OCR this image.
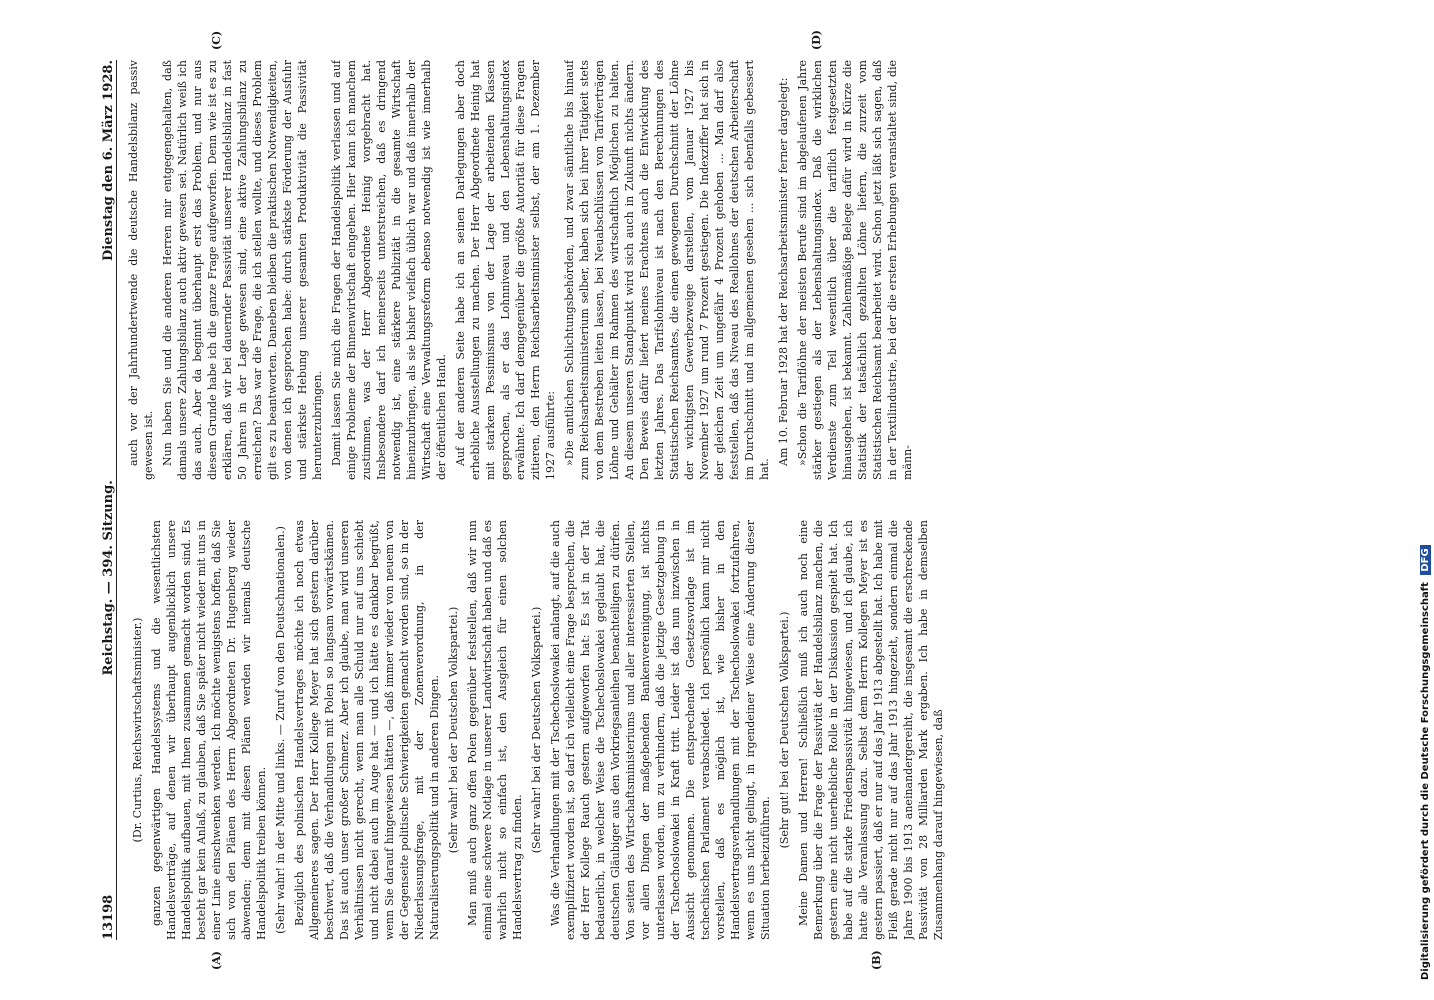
13198
Reichstag. — 394. Sitzung.
Dienstag den 6. März 1928.
(A)	(B)
(C)	(D)

(Dr. Curtius, Reichswirtschaftsminister.) ganzen gegenwärtigen Handelssystems und die wesentlichsten Handelsverträge, auf denen wir überhaupt augenblicklich unsere Handelspolitik aufbauen, mit Ihnen zusammen gemacht worden sind. Es besteht gar kein Anlaß, zu glauben, daß Sie später nicht wieder mit uns in einer Linie einschwenken werden. Ich möchte wenigstens hoffen, daß Sie sich von den Plänen des Herrn Abgeordneten Dr. Hugenberg wieder abwenden; denn mit diesen Plänen werden wir niemals deutsche Handelspolitik treiben können. (Sehr wahr! in der Mitte und links. — Zuruf von den Deutschnationalen.) Bezüglich des polnischen Handelsvertrages möchte ich noch etwas Allgemeineres sagen. Der Herr Kollege Meyer hat sich gestern darüber beschwert, daß die Verhandlungen mit Polen so langsam vorwärtskämen. Das ist auch unser großer Schmerz. Aber ich glaube, man wird unseren Verhältnissen nicht gerecht, wenn man alle Schuld nur auf uns schiebt und nicht dabei auch im Auge hat — und ich hätte es dankbar begrüßt, wenn Sie darauf hingewiesen hätten —, daß immer wieder von neuem von der Gegenseite politische Schwierigkeiten gemacht worden sind, so in der Niederlassungsfrage, mit der Zonenverordnung, in der Naturalisierungspolitik und in anderen Dingen. (Sehr wahr! bei der Deutschen Volkspartei.) Man muß auch ganz offen Polen gegenüber feststellen, daß wir nun einmal eine schwere Notlage in unserer Landwirtschaft haben und daß es wahrlich nicht so einfach ist, den Ausgleich für einen solchen Handelsvertrag zu finden.

(Sehr wahr! bei der Deutschen Volkspartei.) Was die Verhandlungen mit der Tschechoslowakei anlangt, auf die auch exemplifiziert worden ist, so darf ich vielleicht eine Frage besprechen, die der Herr Kollege Rauch gestern aufgeworfen hat: Es ist in der Tat bedauerlich, in welcher Weise die Tschechoslowakei geglaubt hat, die deutschen Gläubiger aus den Vorkriegsanleihen benachteiligen zu dürfen. Von seiten des Wirtschaftsministeriums und aller interessierten Stellen, vor allen Dingen der maßgebenden Bankenvereinigung, ist nichts unterlassen worden, um zu verhindern, daß die jetzige Gesetzgebung in der Tschechoslowakei in Kraft tritt. Leider ist das nun inzwischen in Aussicht genommen. Die entsprechende Gesetzesvorlage ist im tschechischen Parlament verabschiedet. Ich persönlich kann mir nicht vorstellen, daß es möglich ist, wie bisher in den Handelsvertragsverhandlungen mit der Tschechoslowakei fortzufahren, wenn es uns nicht gelingt, in irgendeiner Weise eine Änderung dieser Situation herbeizuführen.

(Sehr gut! bei der Deutschen Volkspartei.) Meine Damen und Herren! Schließlich muß ich auch noch eine Bemerkung über die Frage der Passivität der Handelsbilanz machen, die gestern eine nicht unerhebliche Rolle in der Diskussion gespielt hat. Ich habe auf die starke Friedenspassivität hingewiesen, und ich glaube, ich hatte alle Veranlassung dazu. Selbst dem Herrn Kollegen Meyer ist es gestern passiert, daß er nur auf das Jahr 1913 abgestellt hat. Ich habe mit Fleiß gerade nicht nur auf das Jahr 1913 hingezielt, sondern einmal die Jahre 1900 bis 1913 aneinandergereiht, die insgesamt die erschreckende Passivität von 28 Milliarden Mark ergaben. Ich habe in demselben Zusammenhang darauf hingewiesen, daß

auch vor der Jahrhundertwende die deutsche Handelsbilanz passiv gewesen ist. Nun haben Sie und die anderen Herren mir entgegengehalten, daß damals unsere Zahlungsbilanz auch aktiv gewesen sei. Natürlich weiß ich das auch. Aber da beginnt überhaupt erst das Problem, und nur aus diesem Grunde habe ich die ganze Frage aufgeworfen. Denn wie ist es zu erklären, daß wir bei dauernder Passivität unserer Handelsbilanz in fast 50 Jahren in der Lage gewesen sind, eine aktive Zahlungsbilanz zu erreichen? Das war die Frage, die ich stellen wollte, und dieses Problem gilt es zu beantworten. Daneben bleiben die praktischen Notwendigkeiten, von denen ich gesprochen habe: durch stärkste Förderung der Ausfuhr und stärkste Hebung unserer gesamten Produktivität die Passivität herunterzubringen. Damit lassen Sie mich die Fragen der Handelspolitik verlassen und auf einige Probleme der Binnenwirtschaft eingehen. Hier kann ich manchem zustimmen, was der Herr Abgeordnete Heinig vorgebracht hat. Insbesondere darf ich meinerseits unterstreichen, daß es dringend notwendig ist, eine stärkere Publizität in die gesamte Wirtschaft hineinzubringen, als sie bisher vielfach üblich war und daß innerhalb der Wirtschaft eine Verwaltungsreform ebenso notwendig ist wie innerhalb der öffentlichen Hand. Auf der anderen Seite habe ich an seinen Darlegungen aber doch erhebliche Ausstellungen zu machen. Der Herr Abgeordnete Heinig hat mit starkem Pessimismus von der Lage der arbeitenden Klassen gesprochen, als er das Lohnniveau und den Lebenshaltungsindex erwähnte. Ich darf demgegenüber die größte Autorität für diese Fragen zitieren, den Herrn Reichsarbeitsminister selbst, der am 1. Dezember 1927 ausführte: »Die amtlichen Schlichtungsbehörden, und zwar sämtliche bis hinauf zum Reichsarbeitsministerium selber, haben sich bei ihrer Tätigkeit stets von dem Bestreben leiten lassen, bei Neuabschlüssen von Tarifverträgen Löhne und Gehälter im Rahmen des wirtschaftlich Möglichen zu halten. An diesem unseren Standpunkt wird sich auch in Zukunft nichts ändern. Den Beweis dafür liefert meines Erachtens auch die Entwicklung des letzten Jahres. Das Tarifslohniveau ist nach den Berechnungen des Statistischen Reichsamtes, die einen gewogenen Durchschnitt der Löhne der wichtigsten Gewerbezweige darstellen, vom Januar 1927 bis November 1927 um rund 7 Prozent gestiegen. Die Indexziffer hat sich in der gleichen Zeit um ungefähr 4 Prozent gehoben ... Man darf also feststellen, daß das Niveau des Reallohnes der deutschen Arbeiterschaft im Durchschnitt und im allgemeinen gesehen ... sich ebenfalls gebessert hat.

Am 10. Februar 1928 hat der Reichsarbeitsminister ferner dargelegt: »Schon die Tariflöhne der meisten Berufe sind im abgelaufenen Jahre stärker gestiegen als der Lebenshaltungsindex. Daß die wirklichen Verdienste zum Teil wesentlich über die tariflich festgesetzten hinausgehen, ist bekannt. Zahlenmäßige Belege dafür wird in Kürze die Statistik der tatsächlich gezahlten Löhne liefern, die zurzeit vom Statistischen Reichsamt bearbeitet wird. Schon jetzt läßt sich sagen, daß in der Textilindustrie, bei der die ersten Erhebungen veranstaltet sind, die männ-

Digitalisierung gefördert durch die Deutsche Forschungsgemeinschaft DFG
